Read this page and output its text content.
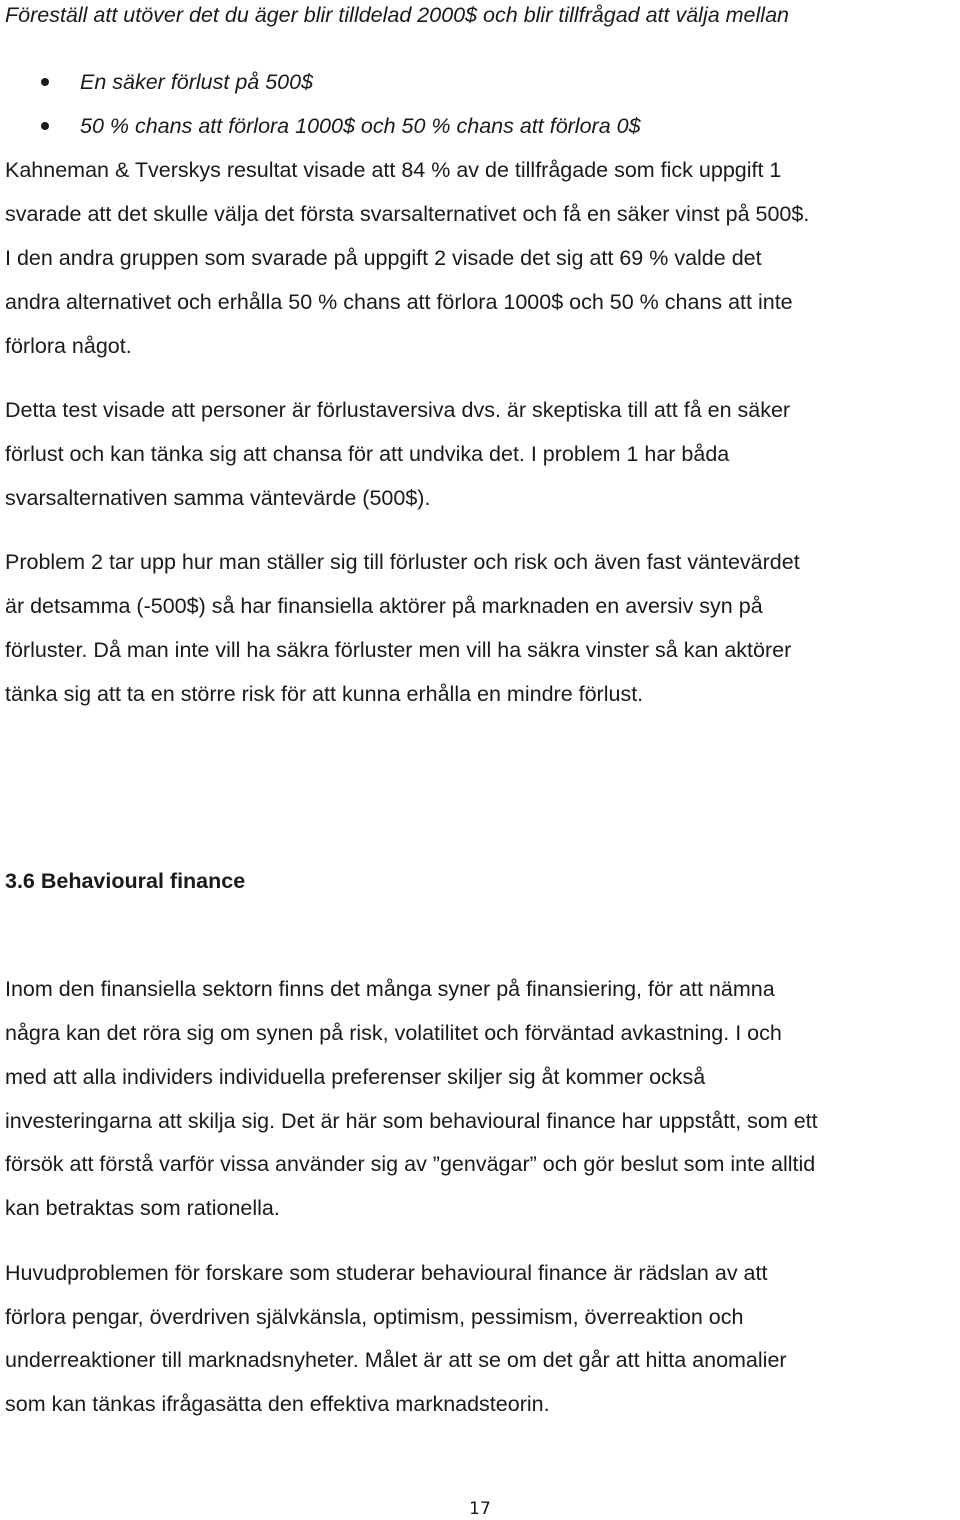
Föreställ att utöver det du äger blir tilldelad 2000$ och blir tillfrågad att välja mellan
En säker förlust på 500$
50 % chans att förlora 1000$ och 50 % chans att förlora 0$
Kahneman & Tverskys resultat visade att 84 % av de tillfrågade som fick uppgift 1
svarade att det skulle välja det första svarsalternativet och få en säker vinst på 500$.
I den andra gruppen som svarade på uppgift 2 visade det sig att 69 % valde det
andra alternativet och erhålla 50 % chans att förlora 1000$ och 50 % chans att inte
förlora något.
Detta test visade att personer är förlustaversiva dvs. är skeptiska till att få en säker
förlust och kan tänka sig att chansa för att undvika det. I problem 1 har båda
svarsalternativen samma väntevärde (500$).
Problem 2 tar upp hur man ställer sig till förluster och risk och även fast väntevärdet
är detsamma (-500$) så har finansiella aktörer på marknaden en aversiv syn på
förluster. Då man inte vill ha säkra förluster men vill ha säkra vinster så kan aktörer
tänka sig att ta en större risk för att kunna erhålla en mindre förlust.
3.6 Behavioural finance
Inom den finansiella sektorn finns det många syner på finansiering, för att nämna
några kan det röra sig om synen på risk, volatilitet och förväntad avkastning. I och
med att alla individers individuella preferenser skiljer sig åt kommer också
investeringarna att skilja sig. Det är här som behavioural finance har uppstått, som ett
försök att förstå varför vissa använder sig av ”genvägar” och gör beslut som inte alltid
kan betraktas som rationella.
Huvudproblemen för forskare som studerar behavioural finance är rädslan av att
förlora pengar, överdriven självkänsla, optimism, pessimism, överreaktion och
underreaktioner till marknadsnyheter. Målet är att se om det går att hitta anomalier
som kan tänkas ifrågasätta den effektiva marknadsteorin.
17
